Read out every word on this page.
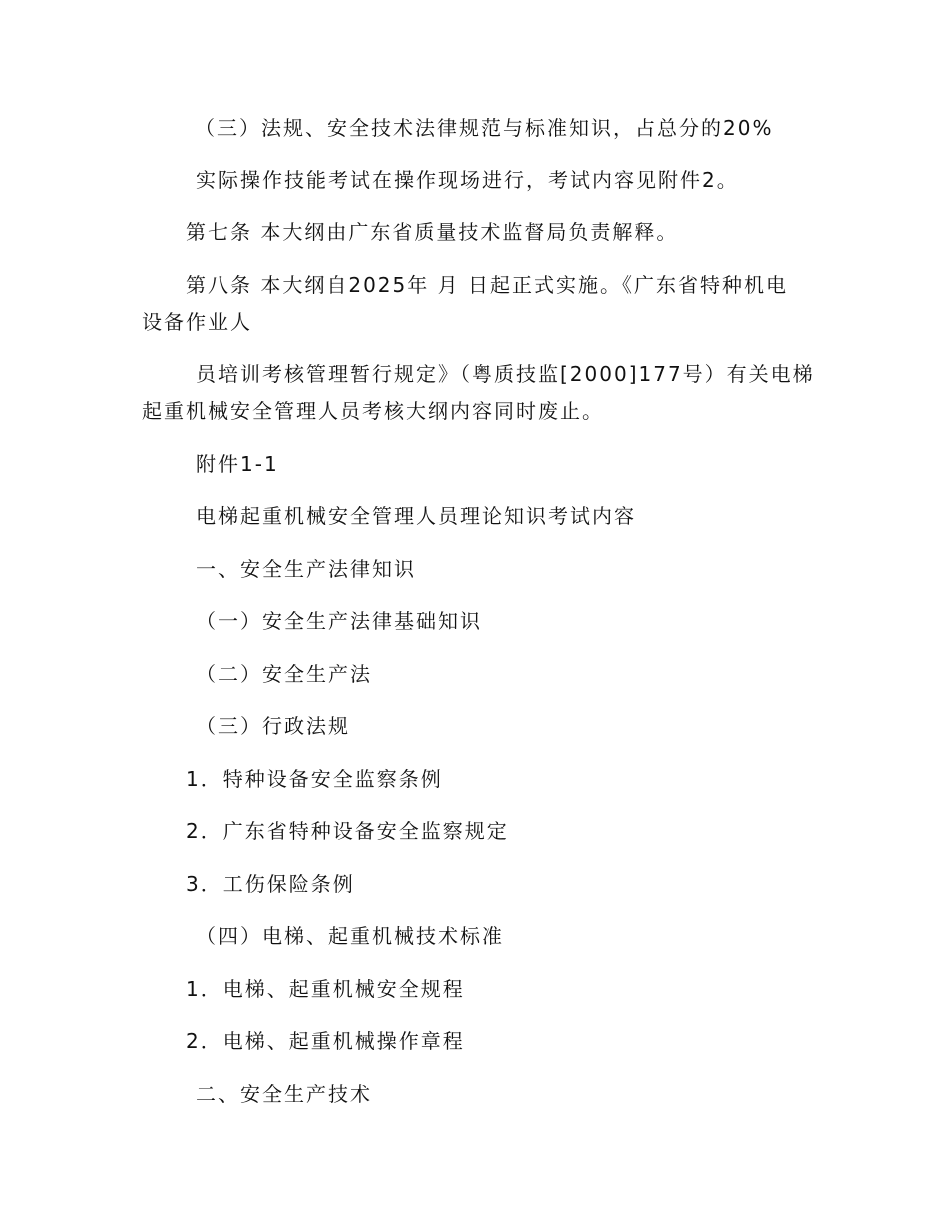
（三）法规、安全技术法律规范与标准知识，占总分的20%
实际操作技能考试在操作现场进行，考试内容见附件2。
第七条 本大纲由广东省质量技术监督局负责解释。
第八条 本大纲自2025年 月 日起正式实施。《广东省特种机电
设备作业人
员培训考核管理暂行规定》（粤质技监[2000]177号）有关电梯
起重机械安全管理人员考核大纲内容同时废止。
附件1-1
电梯起重机械安全管理人员理论知识考试内容
一、安全生产法律知识
（一）安全生产法律基础知识
（二）安全生产法
（三）行政法规
1．特种设备安全监察条例
2．广东省特种设备安全监察规定
3．工伤保险条例
（四）电梯、起重机械技术标准
1．电梯、起重机械安全规程
2．电梯、起重机械操作章程
二、安全生产技术
